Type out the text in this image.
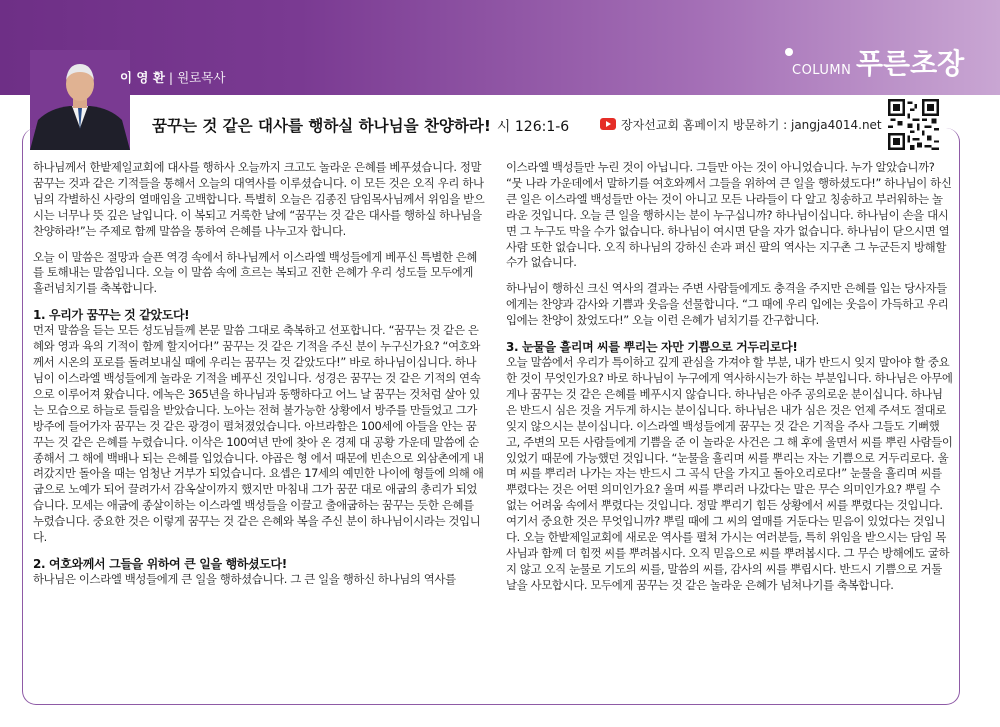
COLUMN 푸른초장
이 영 환 | 원로목사
꿈꾸는 것 같은 대사를 행하실 하나님을 찬양하라! 시 126:1-6	장자선교회 홈페이지 방문하기 : jangja4014.net

하나님께서 한밭제일교회에 대사를 행하사 오늘까지 크고도 놀라운 은혜를 베푸셨습니다. 정말 꿈꾸는 것과 같은 기적들을 통해서 오늘의 대역사를 이루셨습니다. 이 모든 것은 오직 우리 하나님의 각별하신 사랑의 열매임을 고백합니다. 특별히 오늘은 김종진 담임목사님께서 위임을 받으시는 너무나 뜻 깊은 날입니다. 이 복되고 거룩한 날에 “꿈꾸는 것 같은 대사를 행하실 하나님을 찬양하라!”는 주제로 함께 말씀을 통하여 은혜를 나누고자 합니다.

오늘 이 말씀은 절망과 슬픈 역경 속에서 하나님께서 이스라엘 백성들에게 베푸신 특별한 은혜를 토해내는 말씀입니다. 오늘 이 말씀 속에 흐르는 복되고 진한 은혜가 우리 성도들 모두에게 흘러넘치기를 축복합니다.

1. 우리가 꿈꾸는 것 같았도다!

먼저 말씀을 듣는 모든 성도님들께 본문 말씀 그대로 축복하고 선포합니다. “꿈꾸는 것 같은 은혜와 영과 육의 기적이 함께 할지어다!” 꿈꾸는 것 같은 기적을 주신 분이 누구신가요? “여호와께서 시온의 포로를 돌려보내실 때에 우리는 꿈꾸는 것 같았도다!” 바로 하나님이십니다. 하나님이 이스라엘 백성들에게 놀라운 기적을 베푸신 것입니다. 성경은 꿈꾸는 것 같은 기적의 연속으로 이루어져 왔습니다. 에녹은 365년을 하나님과 동행하다고 어느 날 꿈꾸는 것처럼 살아 있는 모습으로 하늘로 들림을 받았습니다. 노아는 전혀 불가능한 상황에서 방주를 만들었고 그가 방주에 들어가자 꿈꾸는 것 같은 광경이 펼쳐졌었습니다. 아브라함은 100세에 아들을 안는 꿈꾸는 것 같은 은혜를 누렸습니다. 이삭은 100여년 만에 찾아 온 경제 대 공황 가운데 말씀에 순종해서 그 해에 백배나 되는 은혜를 입었습니다. 야곱은 형 에서 때문에 빈손으로 외삼촌에게 내려갔지만 돌아올 때는 엄청난 거부가 되었습니다. 요셉은 17세의 예민한 나이에 형들에 의해 애굽으로 노예가 되어 끌려가서 감옥살이까지 했지만 마침내 그가 꿈꾼 대로 애굽의 총리가 되었습니다. 모세는 애굽에 종살이하는 이스라엘 백성들을 이끌고 출애굽하는 꿈꾸는 듯한 은혜를 누렸습니다. 중요한 것은 이렇게 꿈꾸는 것 같은 은혜와 복을 주신 분이 하나님이시라는 것입니다.

2. 여호와께서 그들을 위하여 큰 일을 행하셨도다!

하나님은 이스라엘 백성들에게 큰 일을 행하셨습니다. 그 큰 일을 행하신 하나님의 역사를

이스라엘 백성들만 누린 것이 아닙니다. 그들만 아는 것이 아니었습니다. 누가 알았습니까? “뭇 나라 가운데에서 말하기를 여호와께서 그들을 위하여 큰 일을 행하셨도다!” 하나님이 하신 큰 일은 이스라엘 백성들만 아는 것이 아니고 모든 나라들이 다 알고 칭송하고 부러워하는 놀라운 것입니다. 오늘 큰 일을 행하시는 분이 누구십니까? 하나님이십니다. 하나님이 손을 대시면 그 누구도 막을 수가 없습니다. 하나님이 여시면 닫을 자가 없습니다. 하나님이 닫으시면 열 사람 또한 없습니다. 오직 하나님의 강하신 손과 펴신 팔의 역사는 지구촌 그 누군든지 방해할 수가 없습니다.

하나님이 행하신 크신 역사의 결과는 주변 사람들에게도 충격을 주지만 은혜를 입는 당사자들에게는 찬양과 감사와 기쁨과 웃음을 선물합니다. “그 때에 우리 입에는 웃음이 가득하고 우리 입에는 찬양이 찼었도다!” 오늘 이런 은혜가 넘치기를 간구합니다.

3. 눈물을 흘리며 씨를 뿌리는 자만 기쁨으로 거두리로다!

오늘 말씀에서 우리가 특이하고 깊게 관심을 가져야 할 부분, 내가 반드시 잊지 말아야 할 중요한 것이 무엇인가요? 바로 하나님이 누구에게 역사하시는가 하는 부분입니다. 하나님은 아무에게나 꿈꾸는 것 같은 은혜를 베푸시지 않습니다. 하나님은 아주 공의로운 분이십니다. 하나님은 반드시 심은 것을 거두게 하시는 분이십니다. 하나님은 내가 심은 것은 언제 주셔도 절대로 잊지 않으시는 분이십니다. 이스라엘 백성들에게 꿈꾸는 것 같은 기적을 주사 그들도 기뻐했고, 주변의 모든 사람들에게 기쁨을 준 이 놀라운 사건은 그 해 후에 울면서 씨를 뿌린 사람들이 있었기 때문에 가능했던 것입니다. “눈물을 흘리며 씨를 뿌리는 자는 기쁨으로 거두리로다. 울며 씨를 뿌리러 나가는 자는 반드시 그 곡식 단을 가지고 돌아오리로다!” 눈물을 흘리며 씨를 뿌렸다는 것은 어떤 의미인가요? 울며 씨를 뿌리러 나갔다는 말은 무슨 의미인가요? 뿌릴 수 없는 어려움 속에서 뿌렸다는 것입니다. 정말 뿌리기 힘든 상황에서 씨를 뿌렸다는 것입니다. 여기서 중요한 것은 무엇입니까? 뿌릴 때에 그 씨의 열매를 거둔다는 믿음이 있었다는 것입니다. 오늘 한밭제일교회에 새로운 역사를 펼쳐 가시는 여러분들, 특히 위임을 받으시는 담임 목사님과 함께 더 힘껏 씨를 뿌려봅시다. 오직 믿음으로 씨를 뿌려봅시다. 그 무슨 방해에도 굴하지 않고 오직 눈물로 기도의 씨를, 말씀의 씨를, 감사의 씨를 뿌립시다. 반드시 기쁨으로 거둘 날을 사모합시다. 모두에게 꿈꾸는 것 같은 놀라운 은혜가 넘쳐나기를 축복합니다.
